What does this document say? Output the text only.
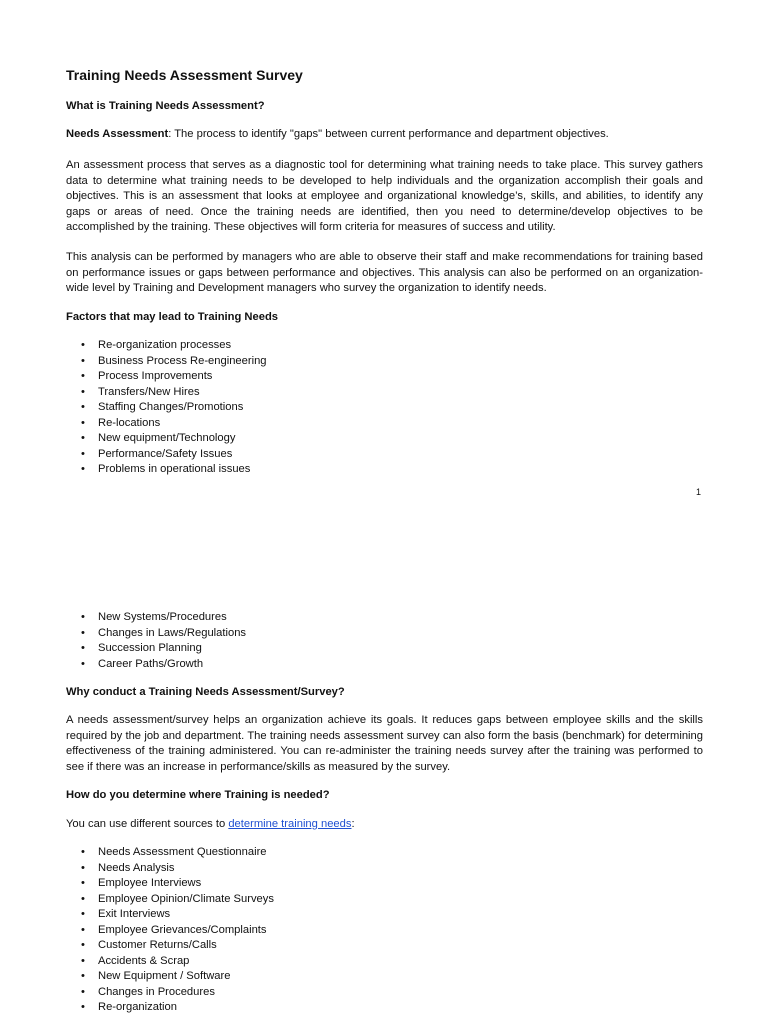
Training Needs Assessment Survey
What is Training Needs Assessment?

Needs Assessment: The process to identify "gaps" between current performance and department objectives.

An assessment process that serves as a diagnostic tool for determining what training needs to take place. This survey gathers data to determine what training needs to be developed to help individuals and the organization accomplish their goals and objectives. This is an assessment that looks at employee and organizational knowledge’s, skills, and abilities, to identify any gaps or areas of need. Once the training needs are identified, then you need to determine/develop objectives to be accomplished by the training. These objectives will form criteria for measures of success and utility.

This analysis can be performed by managers who are able to observe their staff and make recommendations for training based on performance issues or gaps between performance and objectives. This analysis can also be performed on an organization-wide level by Training and Development managers who survey the organization to identify needs.

Factors that may lead to Training Needs
• Re-organization processes
• Business Process Re-engineering
• Process Improvements
• Transfers/New Hires
• Staffing Changes/Promotions
• Re-locations
• New equipment/Technology
• Performance/Safety Issues
• Problems in operational issues
1
• New Systems/Procedures
• Changes in Laws/Regulations
• Succession Planning
• Career Paths/Growth
Why conduct a Training Needs Assessment/Survey?

A needs assessment/survey helps an organization achieve its goals. It reduces gaps between employee skills and the skills required by the job and department. The training needs assessment survey can also form the basis (benchmark) for determining effectiveness of the training administered. You can re-administer the training needs survey after the training was performed to see if there was an increase in performance/skills as measured by the survey.

How do you determine where Training is needed?

You can use different sources to determine training needs:

• Needs Assessment Questionnaire
• Needs Analysis
• Employee Interviews
• Employee Opinion/Climate Surveys
• Exit Interviews
• Employee Grievances/Complaints
• Customer Returns/Calls
• Accidents & Scrap
• New Equipment / Software
• Changes in Procedures
• Re-organization
